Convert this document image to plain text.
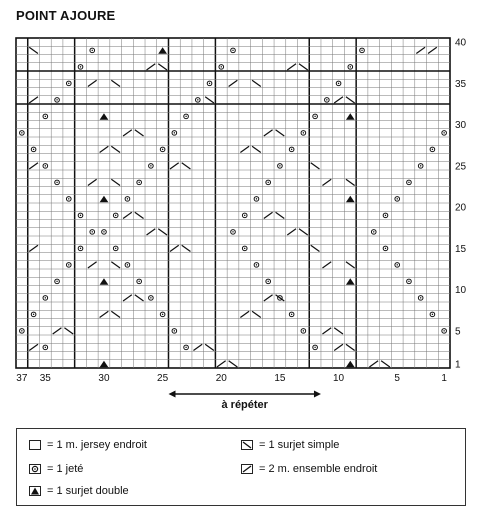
POINT AJOURE
37 35	30	25	20	15	10	5	1
40
35
30
25
20
15
10
5
1
à répéter
= 1 m. jersey endroit
= 1 jeté
= 1 surjet double
= 1 surjet simple
= 2 m. ensemble endroit
